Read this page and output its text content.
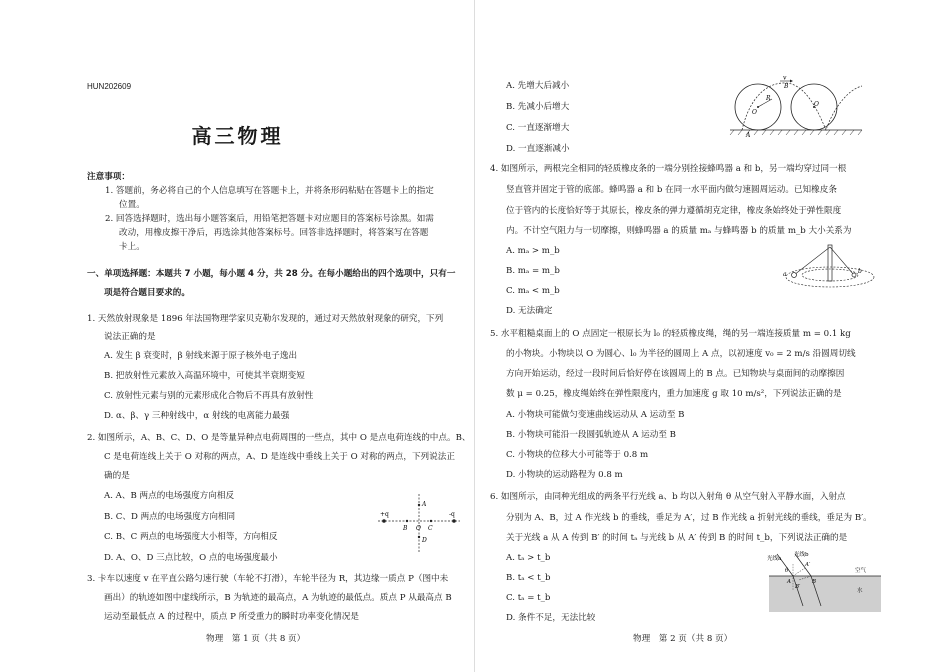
HUN202609
高三物理
注意事项：
1. 答题前，务必将自己的个人信息填写在答题卡上，并将条形码粘贴在答题卡上的指定
位置。
2. 回答选择题时，选出每小题答案后，用铅笔把答题卡对应题目的答案标号涂黑。如需
改动，用橡皮擦干净后，再选涂其他答案标号。回答非选择题时，将答案写在答题
卡上。
一、单项选择题：本题共 7 小题，每小题 4 分，共 28 分。在每小题给出的四个选项中，只有一
项是符合题目要求的。
1. 天然放射现象是 1896 年法国物理学家贝克勒尔发现的，通过对天然放射现象的研究，下列
说法正确的是
A. 发生 β 衰变时，β 射线来源于原子核外电子逸出
B. 把放射性元素放入高温环境中，可使其半衰期变短
C. 放射性元素与别的元素形成化合物后不再具有放射性
D. α、β、γ 三种射线中，α 射线的电离能力最强
2. 如图所示，A、B、C、D、O 是等量异种点电荷周围的一些点，其中 O 是点电荷连线的中点。B、
C 是电荷连线上关于 O 对称的两点，A、D 是连线中垂线上关于 O 对称的两点，下列说法正
确的是
A. A、B 两点的电场强度方向相反
B. C、D 两点的电场强度方向相同
C. B、C 两点的电场强度大小相等，方向相反
D. A、O、D 三点比较，O 点的电场强度最小
+q	-q
A
B O C
D
3. 卡车以速度 v 在平直公路匀速行驶（车轮不打滑），车轮半径为 R，其边缘一质点 P（图中未
画出）的轨迹如图中虚线所示，B 为轨迹的最高点，A 为轨迹的最低点。质点 P 从最高点 B
运动至最低点 A 的过程中，质点 P 所受重力的瞬时功率变化情况是
物理　第 1 页（共 8 页）
A. 先增大后减小
B. 先减小后增大
C. 一直逐渐增大
D. 一直逐渐减小
v
B
A
O
O
R
4. 如图所示，两根完全相同的轻质橡皮条的一端分别拴接蜂鸣器 a 和 b，另一端均穿过同一根
竖直管并固定于管的底部。蜂鸣器 a 和 b 在同一水平面内做匀速圆周运动。已知橡皮条
位于管内的长度恰好等于其原长，橡皮条的弹力遵循胡克定律，橡皮条始终处于弹性限度
内。不计空气阻力与一切摩擦，则蜂鸣器 a 的质量 mₐ 与蜂鸣器 b 的质量 m_b 大小关系为
A. mₐ > m_b
B. mₐ = m_b
C. mₐ < m_b
D. 无法确定
a	b
5. 水平粗糙桌面上的 O 点固定一根原长为 l₀ 的轻质橡皮绳，绳的另一端连接质量 m = 0.1 kg
的小物块。小物块以 O 为圆心、l₀ 为半径的圆周上 A 点，以初速度 v₀ = 2 m/s 沿圆周切线
方向开始运动，经过一段时间后恰好停在该圆周上的 B 点。已知物块与桌面间的动摩擦因
数 μ = 0.25，橡皮绳始终在弹性限度内，重力加速度 g 取 10 m/s²，下列说法正确的是
A. 小物块可能做匀变速曲线运动从 A 运动至 B
B. 小物块可能沿一段圆弧轨迹从 A 运动至 B
C. 小物块的位移大小可能等于 0.8 m
D. 小物块的运动路程为 0.8 m
6. 如图所示，由同种光组成的两条平行光线 a、b 均以入射角 θ 从空气射入平静水面，入射点
分别为 A、B，过 A 作光线 b 的垂线，垂足为 A′，过 B 作光线 a 折射光线的垂线，垂足为 B′。
关于光线 a 从 A 传到 B′ 的时间 tₐ 与光线 b 从 A′ 传到 B 的时间 t_b，下列说法正确的是
A. tₐ > t_b
B. tₐ < t_b
C. tₐ = t_b
D. 条件不足，无法比较
光线a
光线b
空气
水
A	B
A′
B′
θ
物理　第 2 页（共 8 页）
